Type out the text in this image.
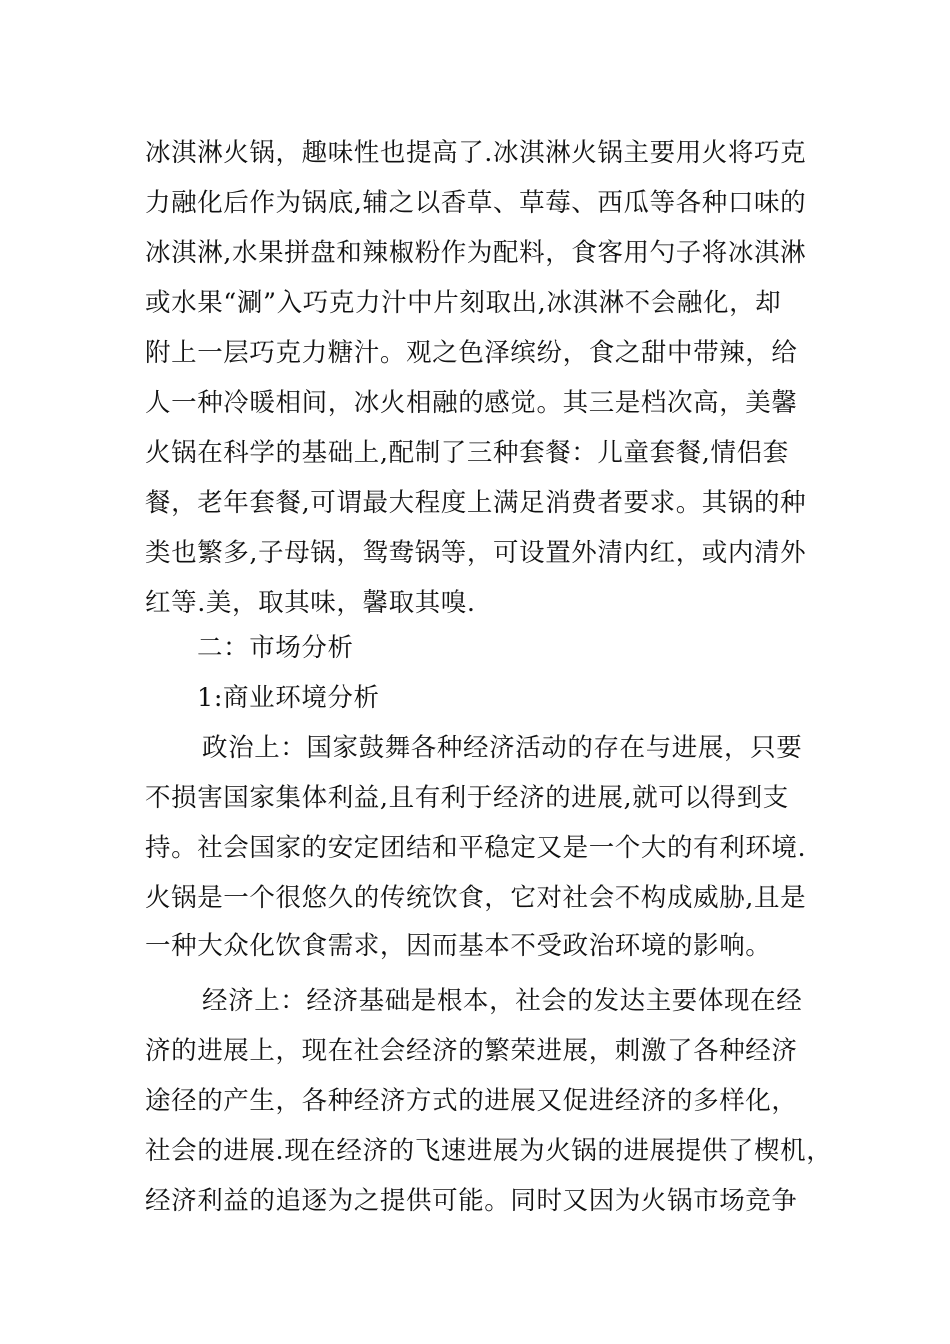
冰淇淋火锅，趣味性也提高了.冰淇淋火锅主要用火将巧克
力融化后作为锅底,辅之以香草、草莓、西瓜等各种口味的
冰淇淋,水果拼盘和辣椒粉作为配料，食客用勺子将冰淇淋
或水果“涮”入巧克力汁中片刻取出,冰淇淋不会融化，却
附上一层巧克力糖汁。观之色泽缤纷，食之甜中带辣，给
人一种冷暖相间，冰火相融的感觉。其三是档次高，美馨
火锅在科学的基础上,配制了三种套餐：儿童套餐,情侣套
餐，老年套餐,可谓最大程度上满足消费者要求。其锅的种
类也繁多,子母锅，鸳鸯锅等，可设置外清内红，或内清外
红等.美，取其味，馨取其嗅.
二：市场分析
1:商业环境分析
政治上：国家鼓舞各种经济活动的存在与进展，只要
不损害国家集体利益,且有利于经济的进展,就可以得到支
持。社会国家的安定团结和平稳定又是一个大的有利环境.
火锅是一个很悠久的传统饮食，它对社会不构成威胁,且是
一种大众化饮食需求，因而基本不受政治环境的影响。
经济上：经济基础是根本，社会的发达主要体现在经
济的进展上，现在社会经济的繁荣进展，刺激了各种经济
途径的产生，各种经济方式的进展又促进经济的多样化，
社会的进展.现在经济的飞速进展为火锅的进展提供了楔机，
经济利益的追逐为之提供可能。同时又因为火锅市场竞争
